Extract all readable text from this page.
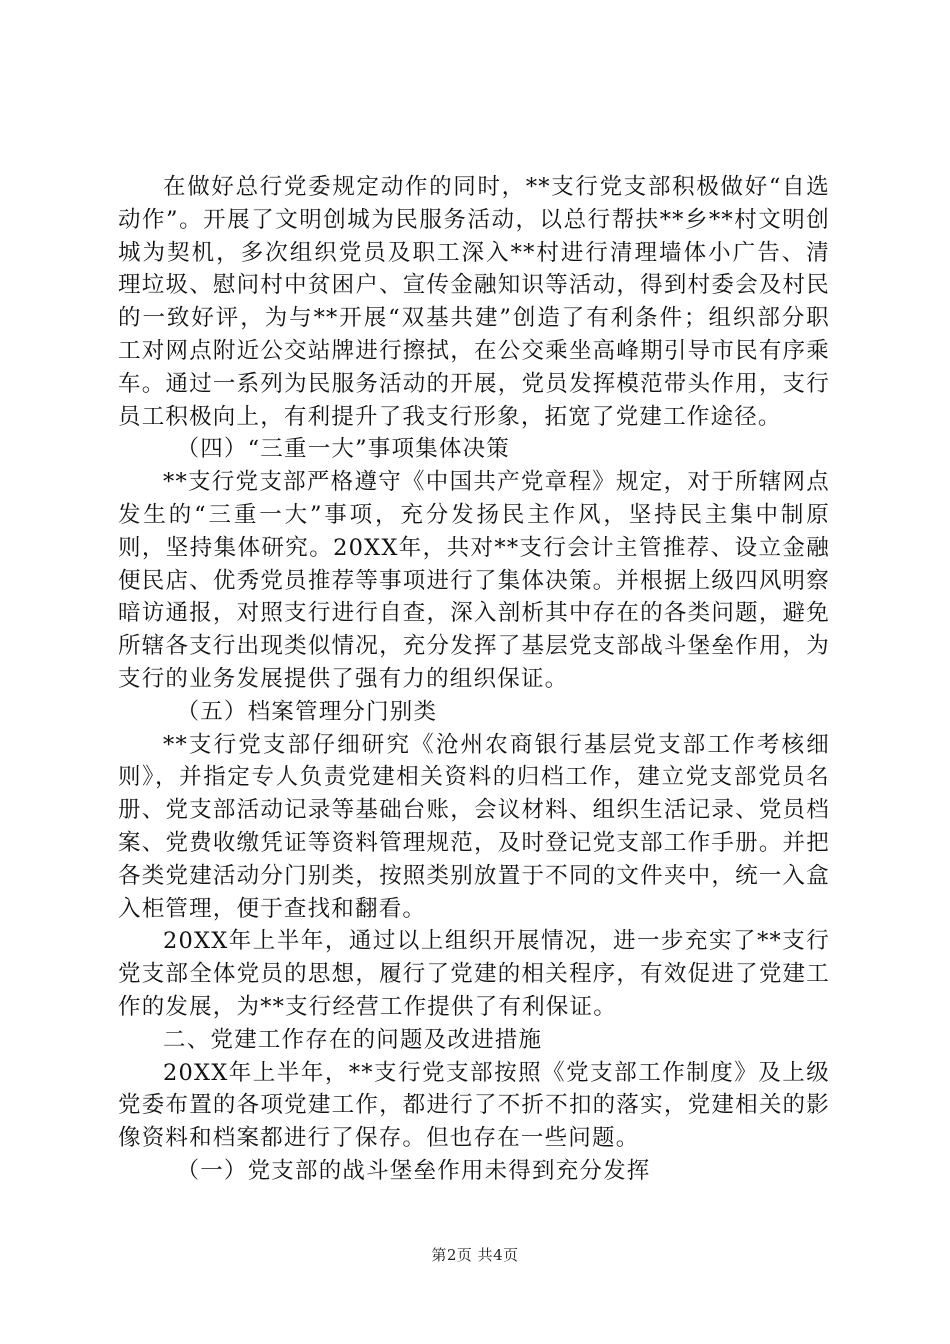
在做好总行党委规定动作的同时，**支行党支部积极做好“自选动作”。开展了文明创城为民服务活动，以总行帮扶**乡**村文明创城为契机，多次组织党员及职工深入**村进行清理墙体小广告、清理垃圾、慰问村中贫困户、宣传金融知识等活动，得到村委会及村民的一致好评，为与**开展“双基共建”创造了有利条件；组织部分职工对网点附近公交站牌进行擦拭，在公交乘坐高峰期引导市民有序乘车。通过一系列为民服务活动的开展，党员发挥模范带头作用，支行员工积极向上，有利提升了我支行形象，拓宽了党建工作途径。

（四）“三重一大”事项集体决策

**支行党支部严格遵守《中国共产党章程》规定，对于所辖网点发生的“三重一大”事项，充分发扬民主作风，坚持民主集中制原则，坚持集体研究。20XX年，共对**支行会计主管推荐、设立金融便民店、优秀党员推荐等事项进行了集体决策。并根据上级四风明察暗访通报，对照支行进行自查，深入剖析其中存在的各类问题，避免所辖各支行出现类似情况，充分发挥了基层党支部战斗堡垒作用，为支行的业务发展提供了强有力的组织保证。

（五）档案管理分门别类

**支行党支部仔细研究《沧州农商银行基层党支部工作考核细则》，并指定专人负责党建相关资料的归档工作，建立党支部党员名册、党支部活动记录等基础台账，会议材料、组织生活记录、党员档案、党费收缴凭证等资料管理规范，及时登记党支部工作手册。并把各类党建活动分门别类，按照类别放置于不同的文件夹中，统一入盒入柜管理，便于查找和翻看。

20XX年上半年，通过以上组织开展情况，进一步充实了**支行党支部全体党员的思想，履行了党建的相关程序，有效促进了党建工作的发展，为**支行经营工作提供了有利保证。

二、党建工作存在的问题及改进措施

20XX年上半年，**支行党支部按照《党支部工作制度》及上级党委布置的各项党建工作，都进行了不折不扣的落实，党建相关的影像资料和档案都进行了保存。但也存在一些问题。

（一）党支部的战斗堡垒作用未得到充分发挥

第2页 共4页
